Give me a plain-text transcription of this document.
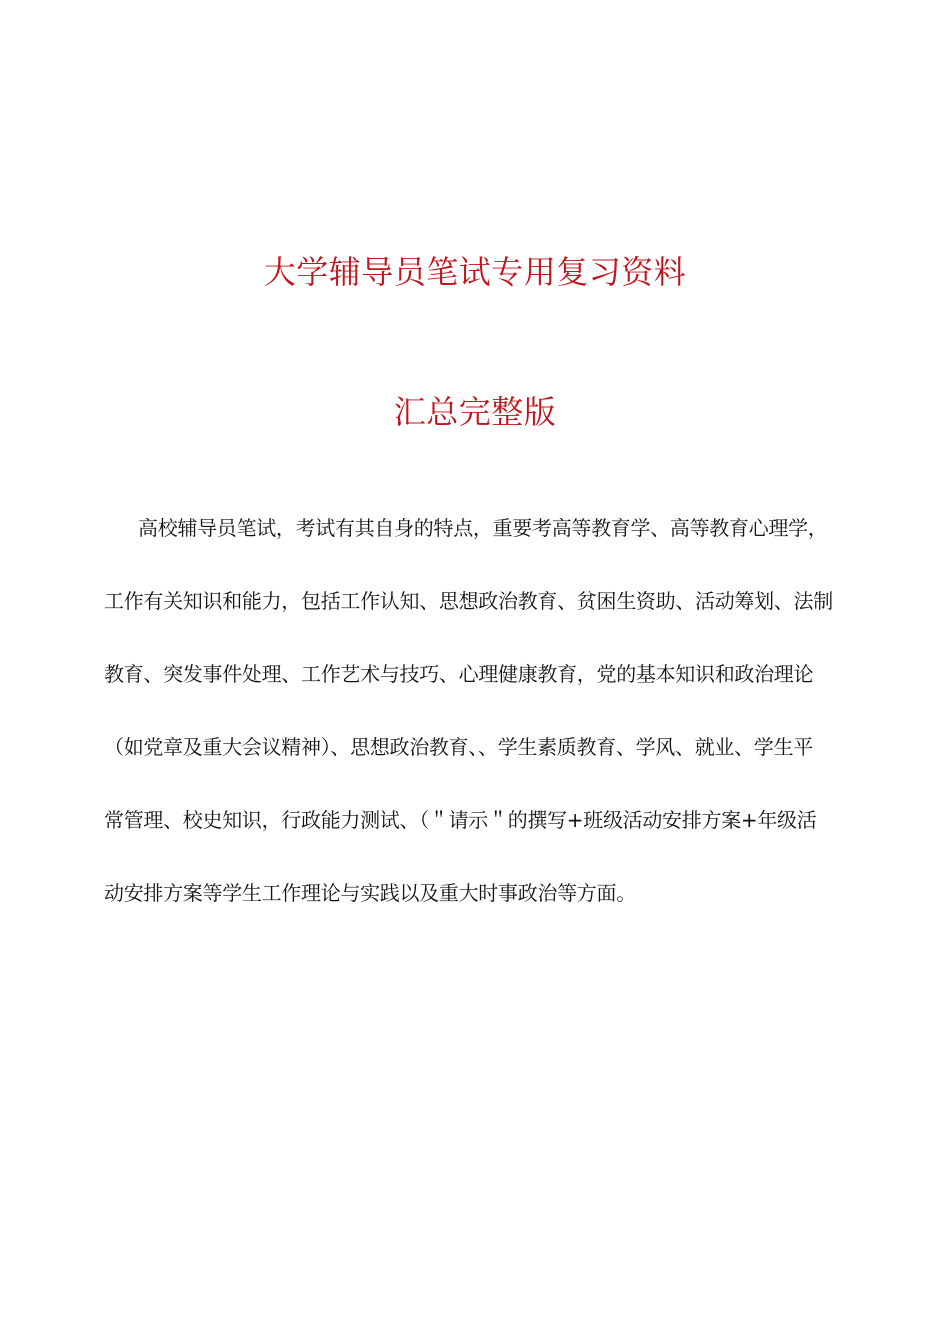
大学辅导员笔试专用复习资料
汇总完整版
高校辅导员笔试，考试有其自身的特点，重要考高等教育学、高等教育心理学，
工作有关知识和能力，包括工作认知、思想政治教育、贫困生资助、活动筹划、法制
教育、突发事件处理、工作艺术与技巧、心理健康教育，党的基本知识和政治理论
（如党章及重大会议精神）、思想政治教育、、学生素质教育、学风、就业、学生平
常管理、校史知识，行政能力测试、（＂请示＂的撰写+班级活动安排方案+年级活
动安排方案等学生工作理论与实践以及重大时事政治等方面。
